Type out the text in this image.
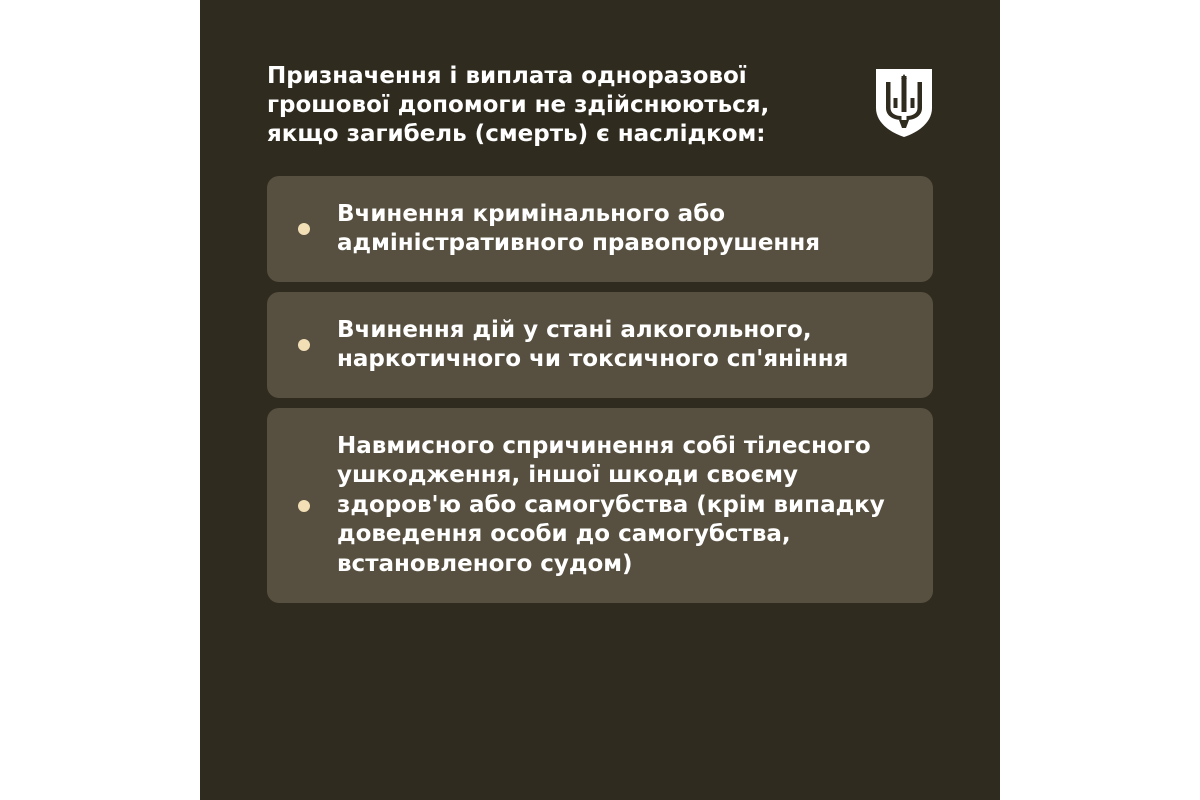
Призначення і виплата одноразової
грошової допомоги не здійснюються,
якщо загибель (смерть) є наслідком:

Вчинення кримінального або
адміністративного правопорушення
Вчинення дій у стані алкогольного,
наркотичного чи токсичного сп'яніння
Навмисного спричинення собі тілесного
ушкодження, іншої шкоди своєму
здоров'ю або самогубства (крім випадку
доведення особи до самогубства,
встановленого судом)
